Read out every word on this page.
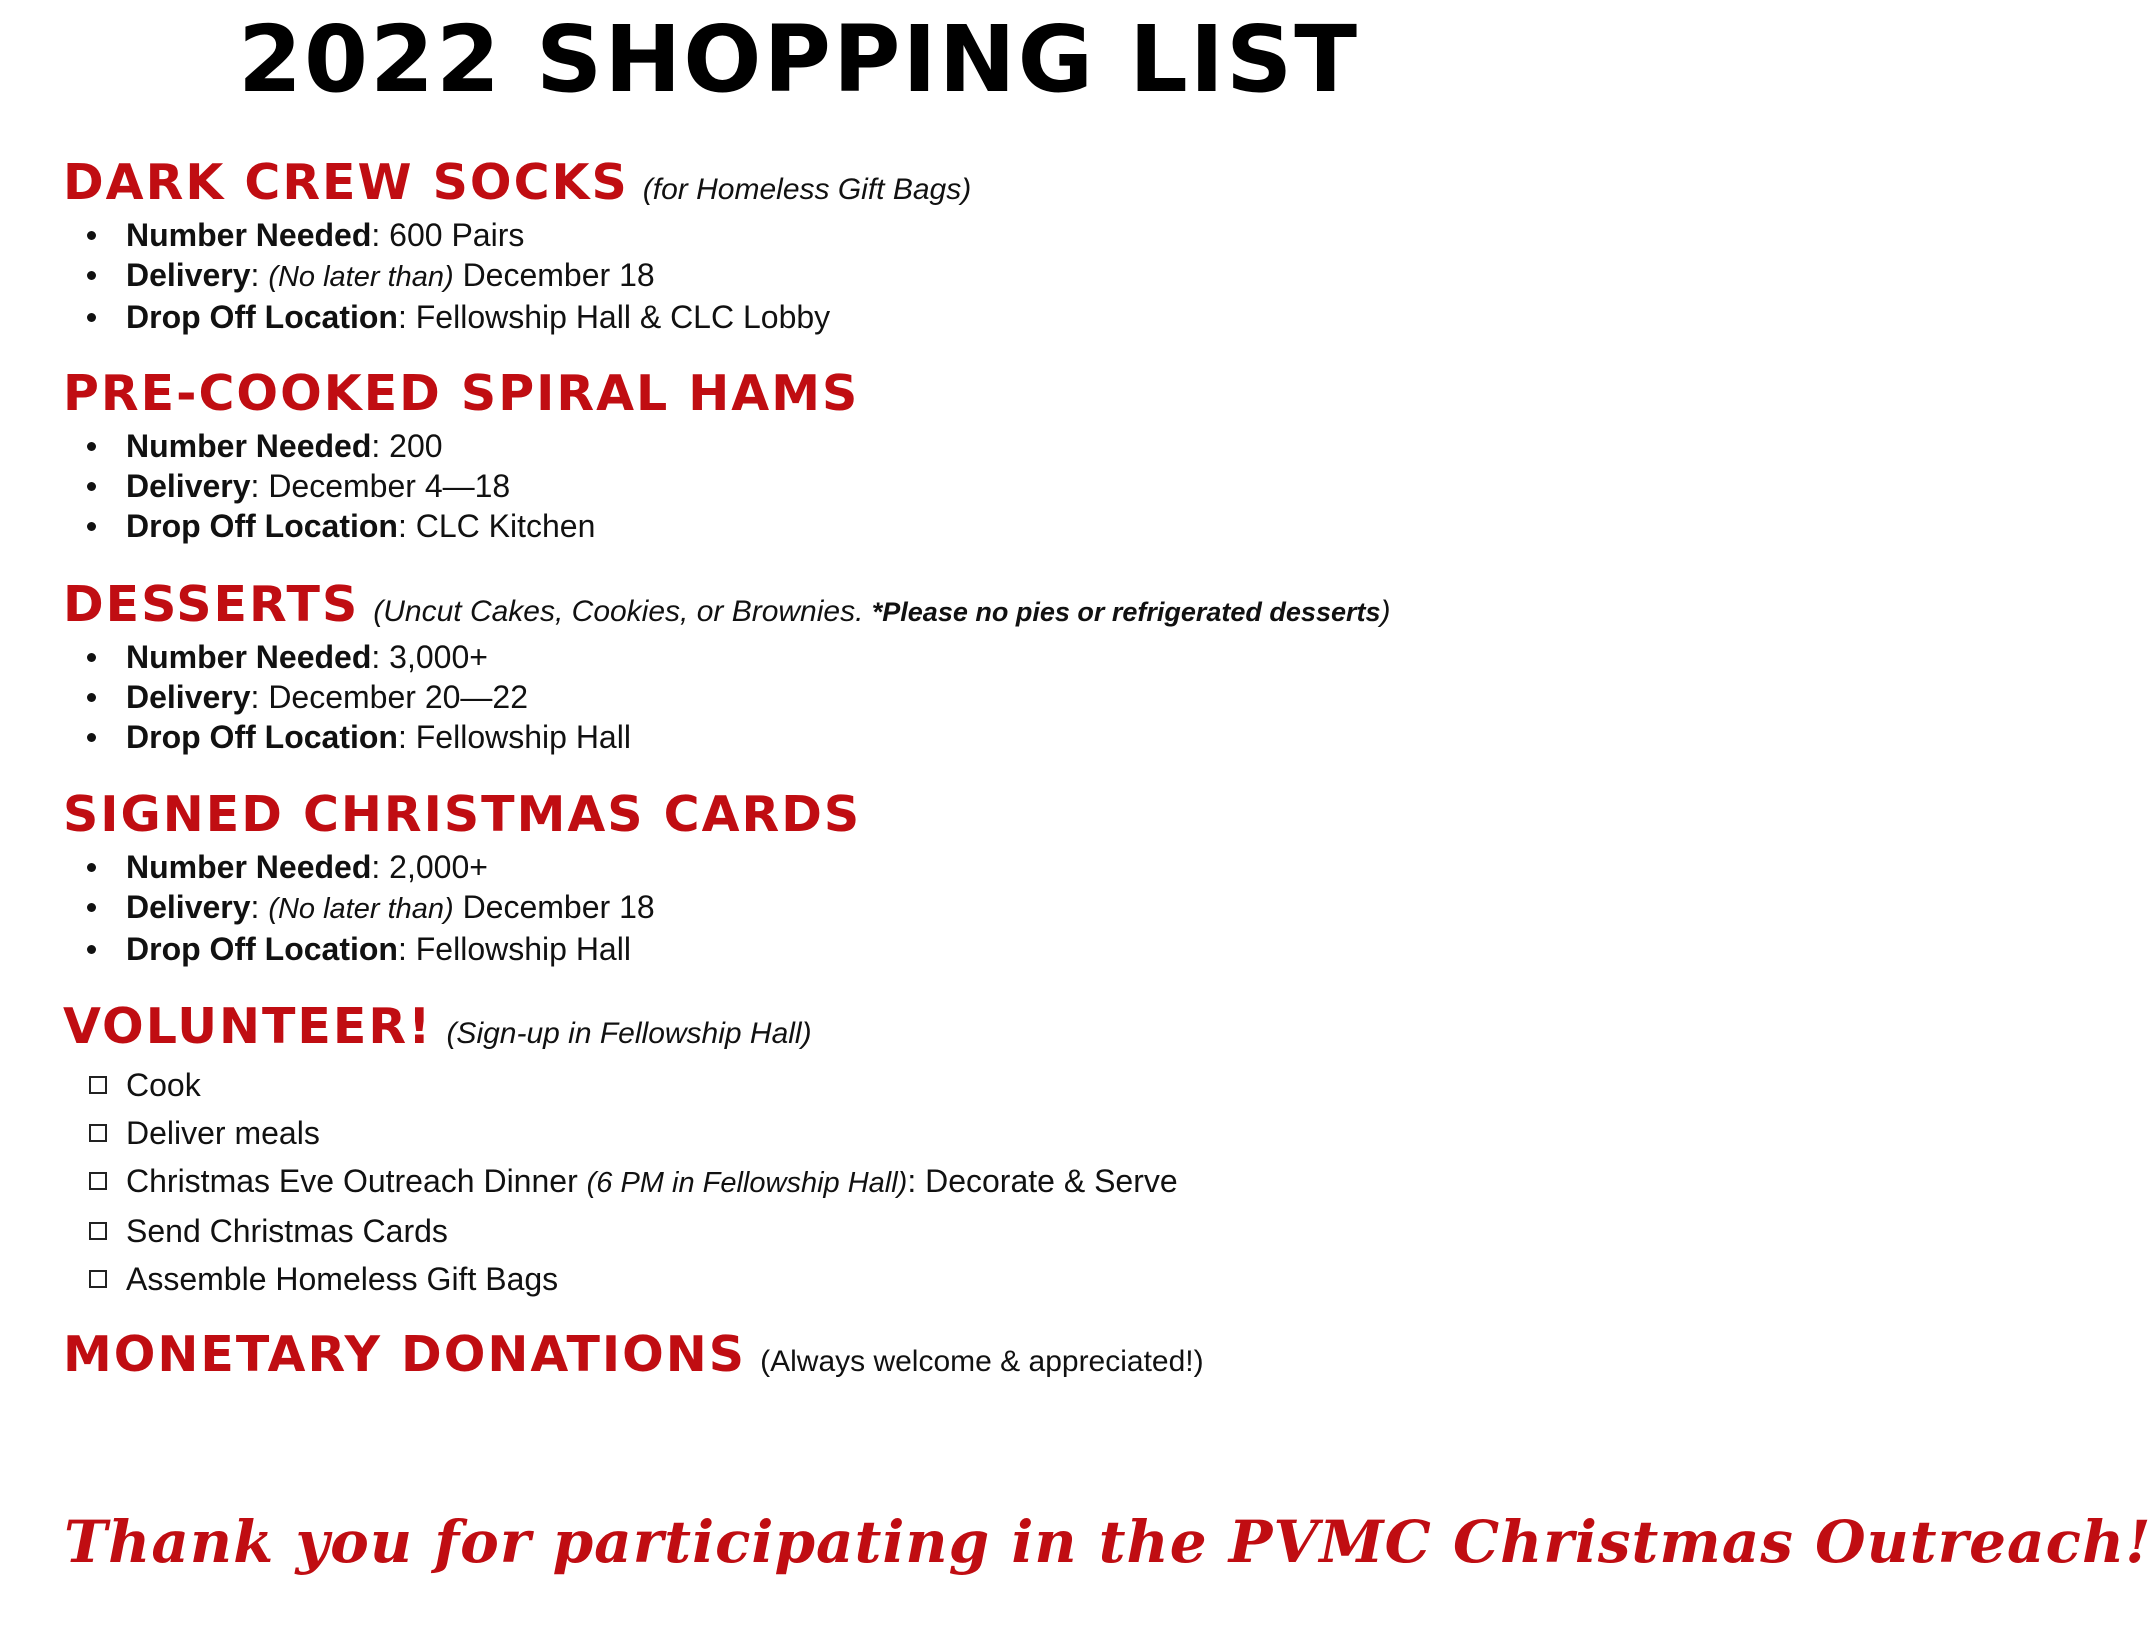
2022 SHOPPING LIST
DARK CREW SOCKS (for Homeless Gift Bags)
Number Needed: 600 Pairs
Delivery: (No later than) December 18
Drop Off Location: Fellowship Hall & CLC Lobby
PRE-COOKED SPIRAL HAMS
Number Needed: 200
Delivery: December 4—18
Drop Off Location: CLC Kitchen
DESSERTS (Uncut Cakes, Cookies, or Brownies. *Please no pies or refrigerated desserts)
Number Needed: 3,000+
Delivery: December 20—22
Drop Off Location: Fellowship Hall
SIGNED CHRISTMAS CARDS
Number Needed: 2,000+
Delivery: (No later than) December 18
Drop Off Location: Fellowship Hall
VOLUNTEER! (Sign-up in Fellowship Hall)
Cook
Deliver meals
Christmas Eve Outreach Dinner (6 PM in Fellowship Hall): Decorate & Serve
Send Christmas Cards
Assemble Homeless Gift Bags
MONETARY DONATIONS (Always welcome & appreciated!)
Thank you for participating in the PVMC Christmas Outreach!
